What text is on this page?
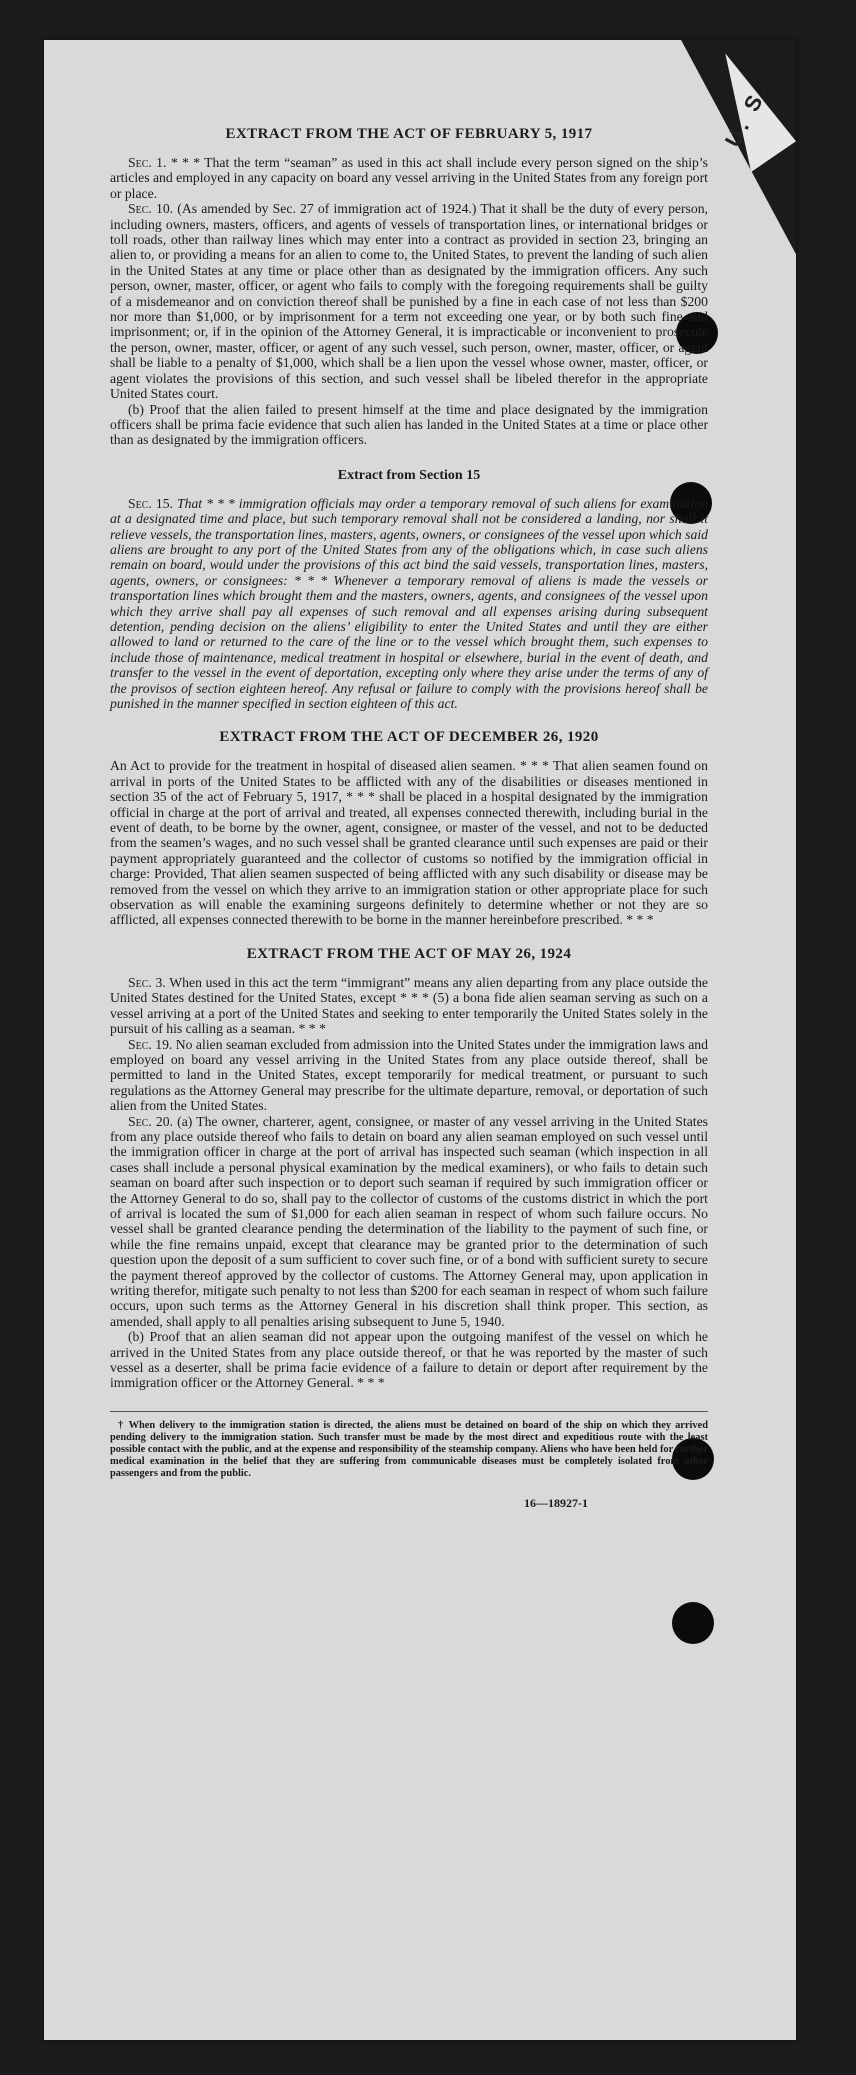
U. S.
EXTRACT FROM THE ACT OF FEBRUARY 5, 1917

Sec. 1. * * * That the term “seaman” as used in this act shall include every person signed on the ship’s articles and employed in any capacity on board any vessel arriving in the United States from any foreign port or place.

Sec. 10. (As amended by Sec. 27 of immigration act of 1924.) That it shall be the duty of every person, including owners, masters, officers, and agents of vessels of transportation lines, or international bridges or toll roads, other than railway lines which may enter into a contract as provided in section 23, bringing an alien to, or providing a means for an alien to come to, the United States, to prevent the landing of such alien in the United States at any time or place other than as designated by the immigration officers. Any such person, owner, master, officer, or agent who fails to comply with the foregoing requirements shall be guilty of a misdemeanor and on conviction thereof shall be punished by a fine in each case of not less than $200 nor more than $1,000, or by imprisonment for a term not exceeding one year, or by both such fine and imprisonment; or, if in the opinion of the Attorney General, it is impracticable or inconvenient to prosecute the person, owner, master, officer, or agent of any such vessel, such person, owner, master, officer, or agent shall be liable to a penalty of $1,000, which shall be a lien upon the vessel whose owner, master, officer, or agent violates the provisions of this section, and such vessel shall be libeled therefor in the appropriate United States court.

(b) Proof that the alien failed to present himself at the time and place designated by the immigration officers shall be prima facie evidence that such alien has landed in the United States at a time or place other than as designated by the immigration officers.

Extract from Section 15

Sec. 15. That * * * immigration officials may order a temporary removal of such aliens for examination at a designated time and place, but such temporary removal shall not be considered a landing, nor shall it relieve vessels, the transportation lines, masters, agents, owners, or consignees of the vessel upon which said aliens are brought to any port of the United States from any of the obligations which, in case such aliens remain on board, would under the provisions of this act bind the said vessels, transportation lines, masters, agents, owners, or consignees: * * * Whenever a temporary removal of aliens is made the vessels or transportation lines which brought them and the masters, owners, agents, and consignees of the vessel upon which they arrive shall pay all expenses of such removal and all expenses arising during subsequent detention, pending decision on the aliens’ eligibility to enter the United States and until they are either allowed to land or returned to the care of the line or to the vessel which brought them, such expenses to include those of maintenance, medical treatment in hospital or elsewhere, burial in the event of death, and transfer to the vessel in the event of deportation, excepting only where they arise under the terms of any of the provisos of section eighteen hereof. Any refusal or failure to comply with the provisions hereof shall be punished in the manner specified in section eighteen of this act.

EXTRACT FROM THE ACT OF DECEMBER 26, 1920

An Act to provide for the treatment in hospital of diseased alien seamen. * * * That alien seamen found on arrival in ports of the United States to be afflicted with any of the disabilities or diseases mentioned in section 35 of the act of February 5, 1917, * * * shall be placed in a hospital designated by the immigration official in charge at the port of arrival and treated, all expenses connected therewith, including burial in the event of death, to be borne by the owner, agent, consignee, or master of the vessel, and not to be deducted from the seamen’s wages, and no such vessel shall be granted clearance until such expenses are paid or their payment appropriately guaranteed and the collector of customs so notified by the immigration official in charge: Provided, That alien seamen suspected of being afflicted with any such disability or disease may be removed from the vessel on which they arrive to an immigration station or other appropriate place for such observation as will enable the examining surgeons definitely to determine whether or not they are so afflicted, all expenses connected therewith to be borne in the manner hereinbefore prescribed. * * *

EXTRACT FROM THE ACT OF MAY 26, 1924

Sec. 3. When used in this act the term “immigrant” means any alien departing from any place outside the United States destined for the United States, except * * * (5) a bona fide alien seaman serving as such on a vessel arriving at a port of the United States and seeking to enter temporarily the United States solely in the pursuit of his calling as a seaman. * * *

Sec. 19. No alien seaman excluded from admission into the United States under the immigration laws and employed on board any vessel arriving in the United States from any place outside thereof, shall be permitted to land in the United States, except temporarily for medical treatment, or pursuant to such regulations as the Attorney General may prescribe for the ultimate departure, removal, or deportation of such alien from the United States.

Sec. 20. (a) The owner, charterer, agent, consignee, or master of any vessel arriving in the United States from any place outside thereof who fails to detain on board any alien seaman employed on such vessel until the immigration officer in charge at the port of arrival has inspected such seaman (which inspection in all cases shall include a personal physical examination by the medical examiners), or who fails to detain such seaman on board after such inspection or to deport such seaman if required by such immigration officer or the Attorney General to do so, shall pay to the collector of customs of the customs district in which the port of arrival is located the sum of $1,000 for each alien seaman in respect of whom such failure occurs. No vessel shall be granted clearance pending the determination of the liability to the payment of such fine, or while the fine remains unpaid, except that clearance may be granted prior to the determination of such question upon the deposit of a sum sufficient to cover such fine, or of a bond with sufficient surety to secure the payment thereof approved by the collector of customs. The Attorney General may, upon application in writing therefor, mitigate such penalty to not less than $200 for each seaman in respect of whom such failure occurs, upon such terms as the Attorney General in his discretion shall think proper. This section, as amended, shall apply to all penalties arising subsequent to June 5, 1940.

(b) Proof that an alien seaman did not appear upon the outgoing manifest of the vessel on which he arrived in the United States from any place outside thereof, or that he was reported by the master of such vessel as a deserter, shall be prima facie evidence of a failure to detain or deport after requirement by the immigration officer or the Attorney General. * * *

† When delivery to the immigration station is directed, the aliens must be detained on board of the ship on which they arrived pending delivery to the immigration station. Such transfer must be made by the most direct and expeditious route with the least possible contact with the public, and at the expense and responsibility of the steamship company. Aliens who have been held for further medical examination in the belief that they are suffering from communicable diseases must be completely isolated from other passengers and from the public.
16—18927-1
